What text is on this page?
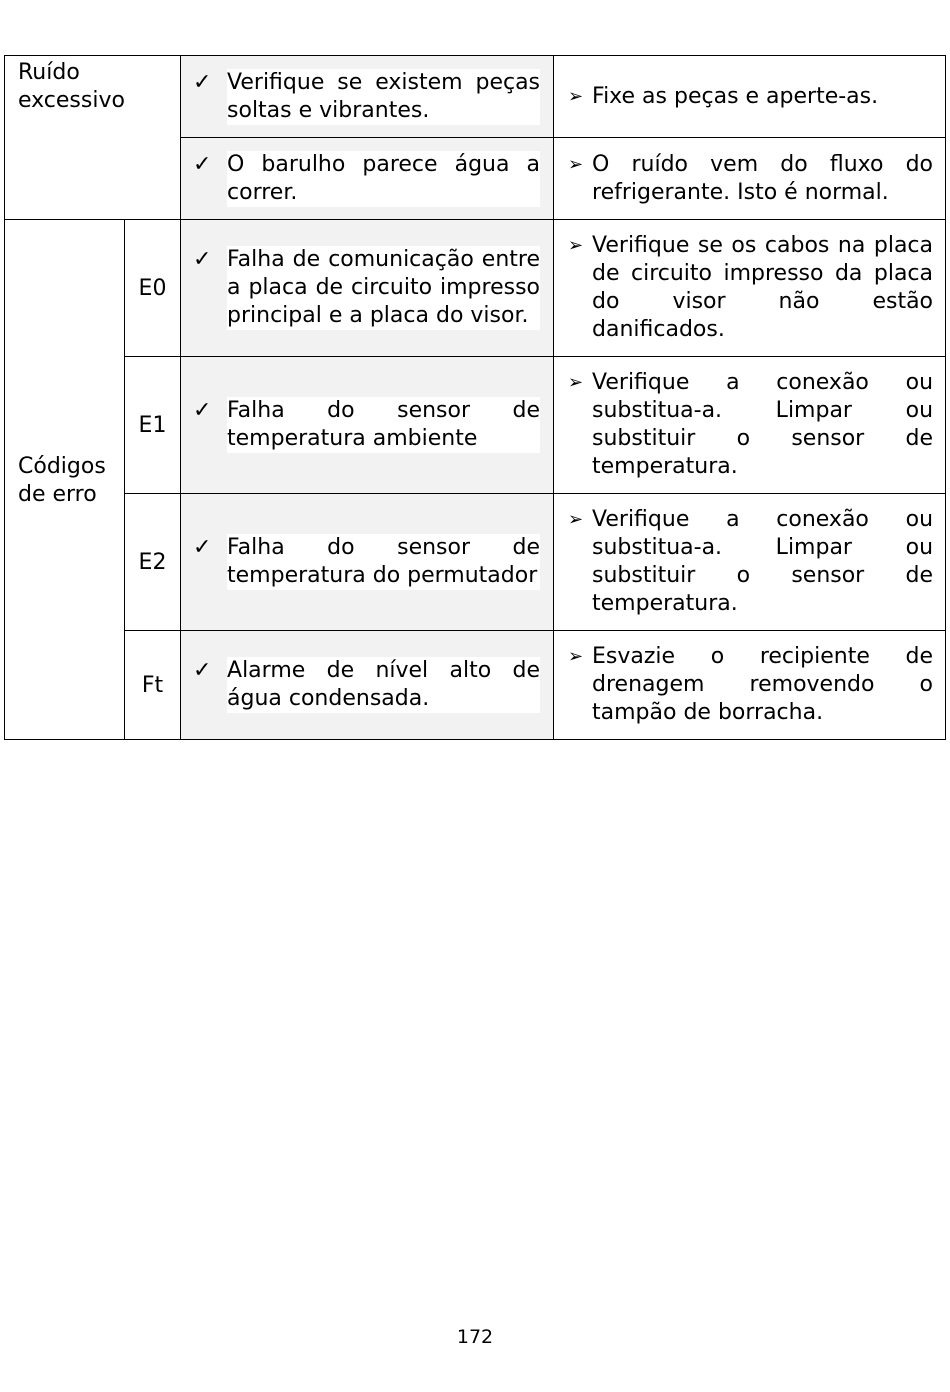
Ruído excessivo		✓ Verifique se existem peças soltas e vibrantes.	➢ Fixe as peças e aperte-as.

		✓ O barulho parece água a correr.	➢ O ruído vem do fluxo do refrigerante. Isto é normal.

Códigos de erro	E0	✓ Falha de comunicação entre a placa de circuito impresso principal e a placa do visor.	➢ Verifique se os cabos na placa de circuito impresso da placa do visor não estão danificados.

	E1	✓ Falha do sensor de temperatura ambiente	➢ Verifique a conexão ou substitua-a. Limpar ou substituir o sensor de temperatura.

	E2	✓ Falha do sensor de temperatura do permutador	➢ Verifique a conexão ou substitua-a. Limpar ou substituir o sensor de temperatura.

	Ft	✓ Alarme de nível alto de água condensada.	➢ Esvazie o recipiente de drenagem removendo o tampão de borracha.
172
